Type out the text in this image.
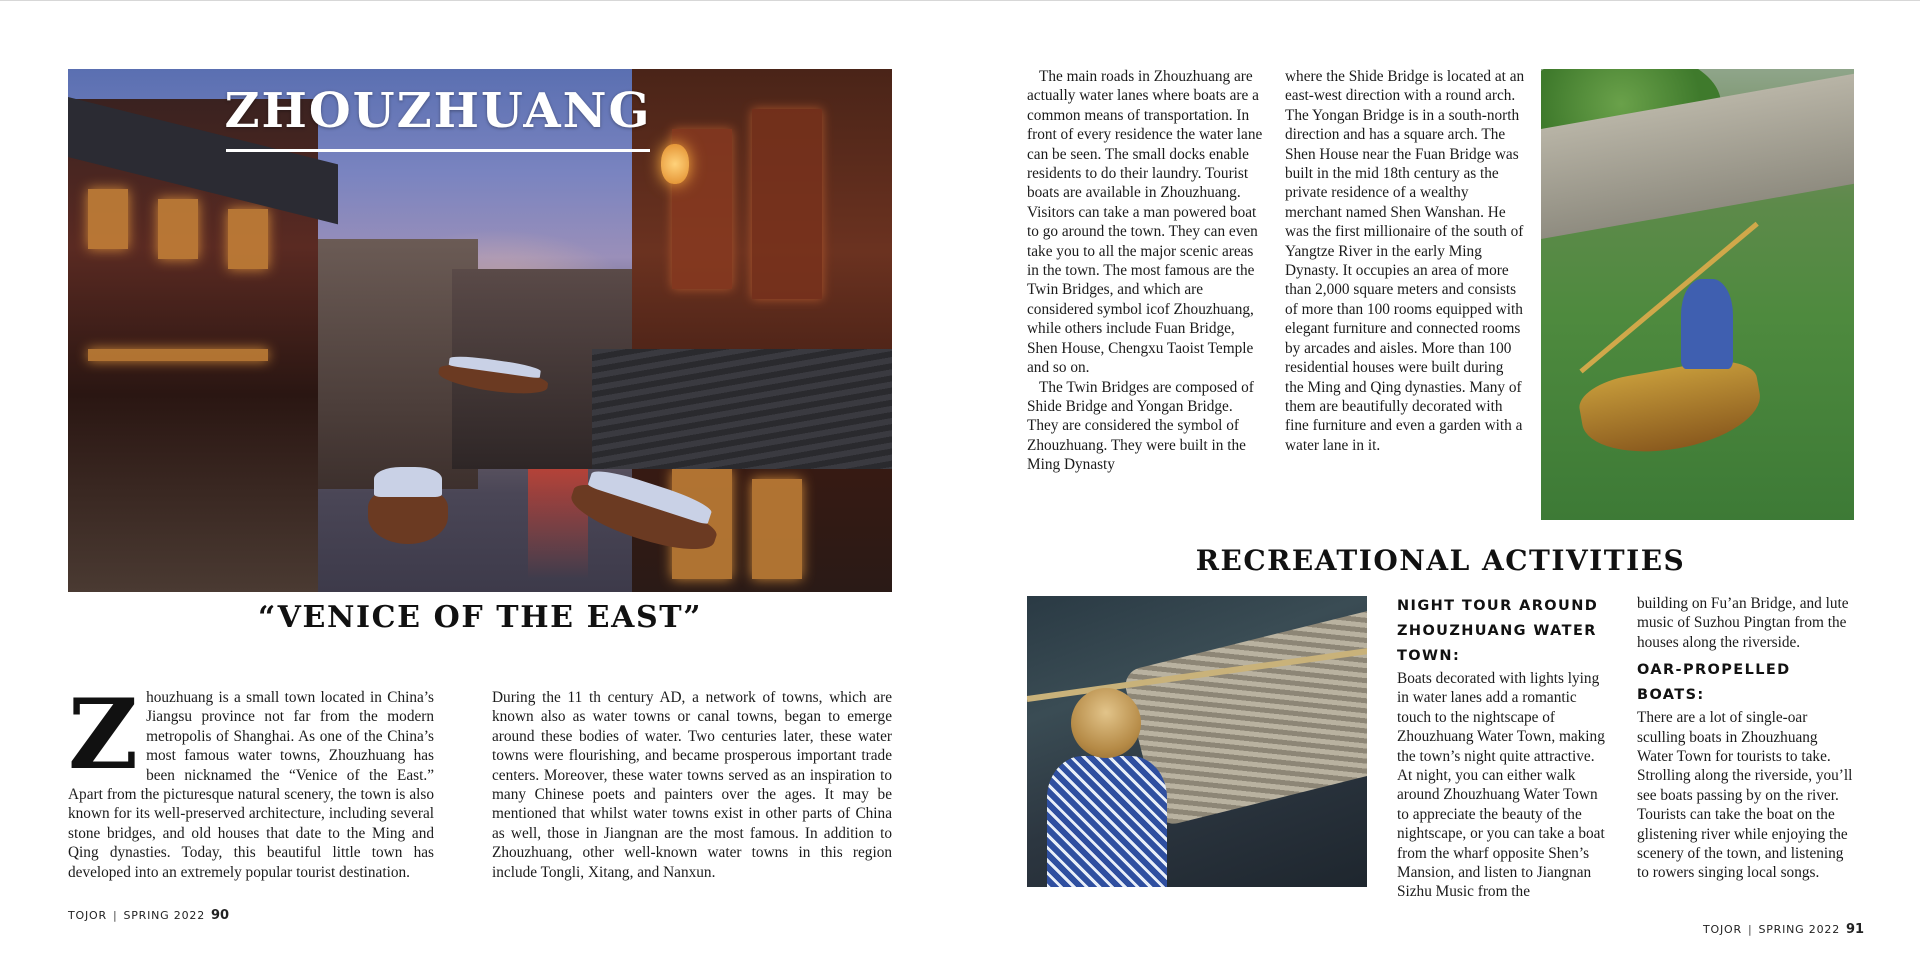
ZHOUZHUANG
“VENICE OF THE EAST”
Zhouzhuang is a small town located in China’s Jiangsu province not far from the modern metropolis of Shanghai. As one of the China’s most famous water towns, Zhouzhuang has been nicknamed the “Venice of the East.” Apart from the picturesque natural scenery, the town is also known for its well-preserved architecture, including several stone bridges, and old houses that date to the Ming and Qing dynasties. Today, this beautiful little town has developed into an extremely popular tourist destination.
During the 11 th century AD, a network of towns, which are known also as water towns or canal towns, began to emerge around these bodies of water. Two centuries later, these water towns were flourishing, and became prosperous important trade centers. Moreover, these water towns served as an inspiration to many Chinese poets and painters over the ages. It may be mentioned that whilst water towns exist in other parts of China as well, those in Jiangnan are the most famous. In addition to Zhouzhuang, other well-known water towns in this region include Tongli, Xitang, and Nanxun.
TOJOR | SPRING 2022 90
The main roads in Zhouzhuang are actually water lanes where boats are a common means of transportation. In front of every residence the water lane can be seen. The small docks enable residents to do their laundry. Tourist boats are available in Zhouzhuang. Visitors can take a man powered boat to go around the town. They can even take you to all the major scenic areas in the town. The most famous are the Twin Bridges, and which are considered symbol icof Zhouzhuang, while others include Fuan Bridge, Shen House, Chengxu Taoist Temple and so on.
The Twin Bridges are composed of Shide Bridge and Yongan Bridge. They are considered the symbol of Zhouzhuang. They were built in the Ming Dynasty
where the Shide Bridge is located at an east-west direction with a round arch. The Yongan Bridge is in a south-north direction and has a square arch. The Shen House near the Fuan Bridge was built in the mid 18th century as the private residence of a wealthy merchant named Shen Wanshan. He was the first millionaire of the south of Yangtze River in the early Ming Dynasty. It occupies an area of more than 2,000 square meters and consists of more than 100 rooms equipped with elegant furniture and connected rooms by arcades and aisles. More than 100 residential houses were built during the Ming and Qing dynasties. Many of them are beautifully decorated with fine furniture and even a garden with a water lane in it.
RECREATIONAL ACTIVITIES
NIGHT TOUR AROUND ZHOUZHUANG WATER TOWN:
Boats decorated with lights lying in water lanes add a romantic touch to the nightscape of Zhouzhuang Water Town, making the town’s night quite attractive. At night, you can either walk around Zhouzhuang Water Town to appreciate the beauty of the nightscape, or you can take a boat from the wharf opposite Shen’s Mansion, and listen to Jiangnan Sizhu Music from the
building on Fu’an Bridge, and lute music of Suzhou Pingtan from the houses along the riverside.
OAR-PROPELLED BOATS:
There are a lot of single-oar sculling boats in Zhouzhuang Water Town for tourists to take. Strolling along the riverside, you’ll see boats passing by on the river. Tourists can take the boat on the glistening river while enjoying the scenery of the town, and listening to rowers singing local songs.
TOJOR | SPRING 2022 91
